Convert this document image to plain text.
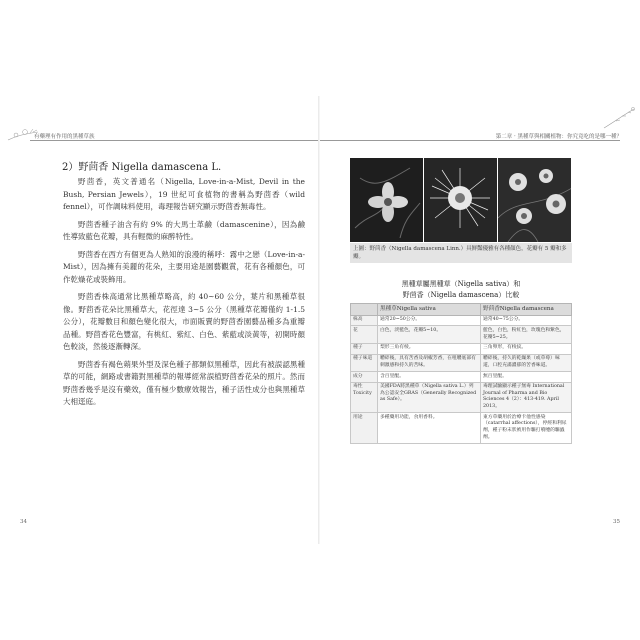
有藥理有作用的黑種草族
2）野茴香 Nigella damascena L.

野茴香，英文普通名（Nigella, Love-in-a-Mist, Devil in the Bush, Persian Jewels），19 世紀可食植物的書稱為野茴香（wild fennel），可作調味料使用，毒理報告研究顯示野茴香無毒性。

野茴香種子油含有約 9% 的大馬士革鹼（damascenine），因為鹼性導致藍色花瓣，具有輕微的麻醉特性。

野茴香在西方有個更為人熟知的浪漫的稱呼：霧中之戀（Love-in-a-Mist），因為擁有美麗的花朵，主要用途是園藝觀賞，花有各種顏色，可作乾燥花或裝飾用。

野茴香株高通常比黑種草略高，約 40~60 公分，葉片和黑種草很像。野茴香花朵比黑種草大，花徑達 3~5 公分（黑種草花瓣僅約 1-1.5 公分），花瓣數目和顏色變化很大，市面販賣的野茴香園藝品種多為重瓣品種。野茴香花色豐富，有桃紅、紫紅、白色、紫藍或淡黃等，初開時顏色較淡，然後逐漸轉深。

野茴香有褐色蒴果外型及深色種子都類似黑種草，因此有被誤認黑種草的可能，網路或書籍對黑種草的報導經常誤植野茴香花朵的照片。然而野茴香幾乎是沒有藥效，僅有極少數療效報告，種子活性成分也與黑種草大相逕庭。

34
第二章 · 黑種草與相關植物：你究竟吃的是哪一種？
上圖：野茴香（Nigella damascena Linn.）具鮮豔優雅有各種顏色，花瓣有 5 瓣和多瓣。
黑種草屬黑種草（Nigella sativa）和
野茴香（Nigella damascena）比較
	黑種草Nigella sativa	野茴香Nigella damascena
株高	通常20~50公分。	通常40~75公分。
花	白色，淡藍色，花瓣5~10。	藍色，白色，粉紅色，玫瑰色和紫色，花瓣5~25。
種子	梨形三角有棱。	三角卵形，有棱紋。
種子味道	嚼碎後，具有苦香及胡椒芳香，在咀嚼底部有刺激感和持久的苦味。	嚼碎後，持久的乾燥果（或草莓）味道，口腔充滿濃郁的苦香味道。
成分	含百里醌。	無百里醌。
毒性 Toxicity	美國FDA將黑種草（Nigella sativa L.）列為公認安全GRAS（Generally Recognized as Safe）。	毒理試驗顯示種子無毒 International Journal of Pharma and Bio Sciences 4（2）：413-419. April 2013。
用途	多種藥用功能，食用香料。	東方草藥用於治療卡他性感染（catarrhal affections），停經和利尿劑，種子粉末狀被用作驅打噴嚏的驅蟲劑。
35
